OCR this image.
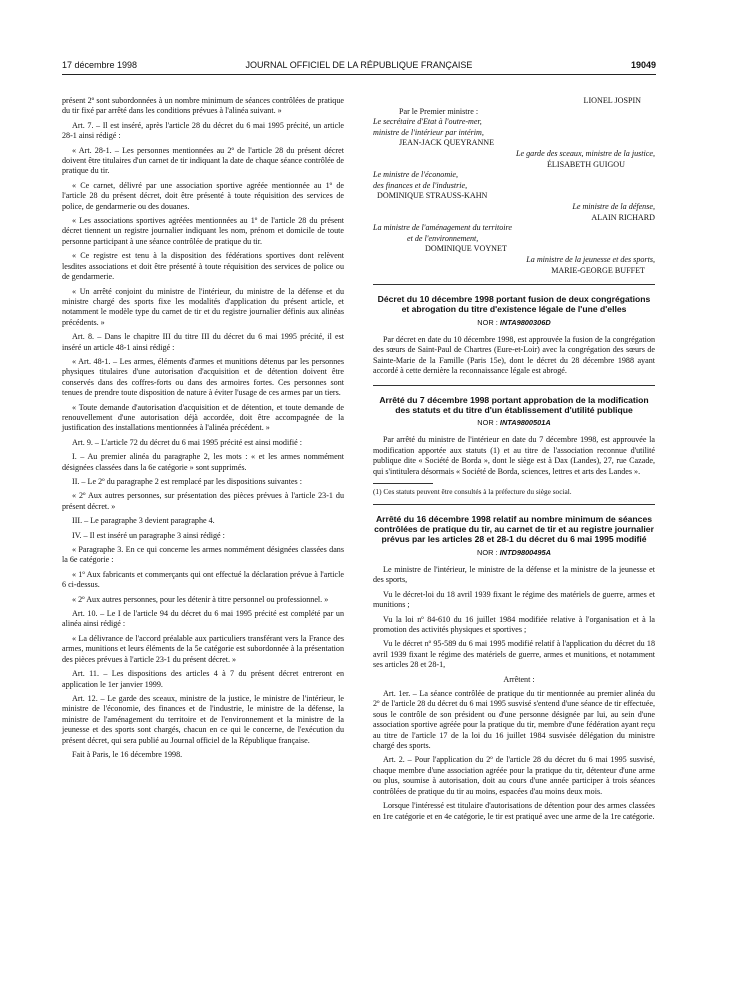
17 décembre 1998	JOURNAL OFFICIEL DE LA RÉPUBLIQUE FRANÇAISE	19049

présent 2º sont subordonnées à un nombre minimum de séances contrôlées de pratique du tir fixé par arrêté dans les conditions prévues à l'alinéa suivant. »

Art. 7. – Il est inséré, après l'article 28 du décret du 6 mai 1995 précité, un article 28-1 ainsi rédigé :

« Art. 28-1. – Les personnes mentionnées au 2º de l'article 28 du présent décret doivent être titulaires d'un carnet de tir indiquant la date de chaque séance contrôlée de pratique du tir.

« Ce carnet, délivré par une association sportive agréée mentionnée au 1º de l'article 28 du présent décret, doit être présenté à toute réquisition des services de police, de gendarmerie ou des douanes.

« Les associations sportives agréées mentionnées au 1º de l'article 28 du présent décret tiennent un registre journalier indiquant les nom, prénom et domicile de toute personne participant à une séance contrôlée de pratique du tir.

« Ce registre est tenu à la disposition des fédérations sportives dont relèvent lesdites associations et doit être présenté à toute réquisition des services de police ou de gendarmerie.

« Un arrêté conjoint du ministre de l'intérieur, du ministre de la défense et du ministre chargé des sports fixe les modalités d'application du présent article, et notamment le modèle type du carnet de tir et du registre journalier définis aux alinéas précédents. »

Art. 8. – Dans le chapitre III du titre III du décret du 6 mai 1995 précité, il est inséré un article 48-1 ainsi rédigé :

« Art. 48-1. – Les armes, éléments d'armes et munitions détenus par les personnes physiques titulaires d'une autorisation d'acquisition et de détention doivent être conservés dans des coffres-forts ou dans des armoires fortes. Ces personnes sont tenues de prendre toute disposition de nature à éviter l'usage de ces armes par un tiers.

« Toute demande d'autorisation d'acquisition et de détention, et toute demande de renouvellement d'une autorisation déjà accordée, doit être accompagnée de la justification des installations mentionnées à l'alinéa précédent. »

Art. 9. – L'article 72 du décret du 6 mai 1995 précité est ainsi modifié :

I. – Au premier alinéa du paragraphe 2, les mots : « et les armes nommément désignées classées dans la 6e catégorie » sont supprimés.

II. – Le 2º du paragraphe 2 est remplacé par les dispositions suivantes :

« 2º Aux autres personnes, sur présentation des pièces prévues à l'article 23-1 du présent décret. »

III. – Le paragraphe 3 devient paragraphe 4.

IV. – Il est inséré un paragraphe 3 ainsi rédigé :

« Paragraphe 3. En ce qui concerne les armes nommément désignées classées dans la 6e catégorie :

« 1º Aux fabricants et commerçants qui ont effectué la déclaration prévue à l'article 6 ci-dessus.

« 2º Aux autres personnes, pour les détenir à titre personnel ou professionnel. »

Art. 10. – Le I de l'article 94 du décret du 6 mai 1995 précité est complété par un alinéa ainsi rédigé :

« La délivrance de l'accord préalable aux particuliers transférant vers la France des armes, munitions et leurs éléments de la 5e catégorie est subordonnée à la présentation des pièces prévues à l'article 23-1 du présent décret. »

Art. 11. – Les dispositions des articles 4 à 7 du présent décret entreront en application le 1er janvier 1999.

Art. 12. – Le garde des sceaux, ministre de la justice, le ministre de l'intérieur, le ministre de l'économie, des finances et de l'industrie, le ministre de la défense, la ministre de l'aménagement du territoire et de l'environnement et la ministre de la jeunesse et des sports sont chargés, chacun en ce qui le concerne, de l'exécution du présent décret, qui sera publié au Journal officiel de la République française.

Fait à Paris, le 16 décembre 1998.

LIONEL JOSPIN

Par le Premier ministre :

Le secrétaire d'Etat à l'outre-mer,

ministre de l'intérieur par intérim,

JEAN-JACK QUEYRANNE

Le garde des sceaux, ministre de la justice,

ÉLISABETH GUIGOU

Le ministre de l'économie,

des finances et de l'industrie,

DOMINIQUE STRAUSS-KAHN

Le ministre de la défense,

ALAIN RICHARD

La ministre de l'aménagement du territoire

et de l'environnement,

DOMINIQUE VOYNET

La ministre de la jeunesse et des sports,

MARIE-GEORGE BUFFET

Décret du 10 décembre 1998 portant fusion de deux congrégations et abrogation du titre d'existence légale de l'une d'elles

NOR : INTA9800306D

Par décret en date du 10 décembre 1998, est approuvée la fusion de la congrégation des sœurs de Saint-Paul de Chartres (Eure-et-Loir) avec la congrégation des sœurs de Sainte-Marie de la Famille (Paris 15e), dont le décret du 28 décembre 1988 ayant accordé à cette dernière la reconnaissance légale est abrogé.

Arrêté du 7 décembre 1998 portant approbation de la modification des statuts et du titre d'un établissement d'utilité publique

NOR : INTA9800501A

Par arrêté du ministre de l'intérieur en date du 7 décembre 1998, est approuvée la modification apportée aux statuts (1) et au titre de l'association reconnue d'utilité publique dite « Société de Borda », dont le siège est à Dax (Landes), 27, rue Cazade, qui s'intitulera désormais « Société de Borda, sciences, lettres et arts des Landes ».

(1) Ces statuts peuvent être consultés à la préfecture du siège social.

Arrêté du 16 décembre 1998 relatif au nombre minimum de séances contrôlées de pratique du tir, au carnet de tir et au registre journalier prévus par les articles 28 et 28-1 du décret du 6 mai 1995 modifié

NOR : INTD9800495A

Le ministre de l'intérieur, le ministre de la défense et la ministre de la jeunesse et des sports,

Vu le décret-loi du 18 avril 1939 fixant le régime des matériels de guerre, armes et munitions ;

Vu la loi nº 84-610 du 16 juillet 1984 modifiée relative à l'organisation et à la promotion des activités physiques et sportives ;

Vu le décret nº 95-589 du 6 mai 1995 modifié relatif à l'application du décret du 18 avril 1939 fixant le régime des matériels de guerre, armes et munitions, et notamment ses articles 28 et 28-1,

Arrêtent :

Art. 1er. – La séance contrôlée de pratique du tir mentionnée au premier alinéa du 2º de l'article 28 du décret du 6 mai 1995 susvisé s'entend d'une séance de tir effectuée, sous le contrôle de son président ou d'une personne désignée par lui, au sein d'une association sportive agréée pour la pratique du tir, membre d'une fédération ayant reçu au titre de l'article 17 de la loi du 16 juillet 1984 susvisée délégation du ministre chargé des sports.

Art. 2. – Pour l'application du 2º de l'article 28 du décret du 6 mai 1995 susvisé, chaque membre d'une association agréée pour la pratique du tir, détenteur d'une arme ou plus, soumise à autorisation, doit au cours d'une année participer à trois séances contrôlées de pratique du tir au moins, espacées d'au moins deux mois.

Lorsque l'intéressé est titulaire d'autorisations de détention pour des armes classées en 1re catégorie et en 4e catégorie, le tir est pratiqué avec une arme de la 1re catégorie.
